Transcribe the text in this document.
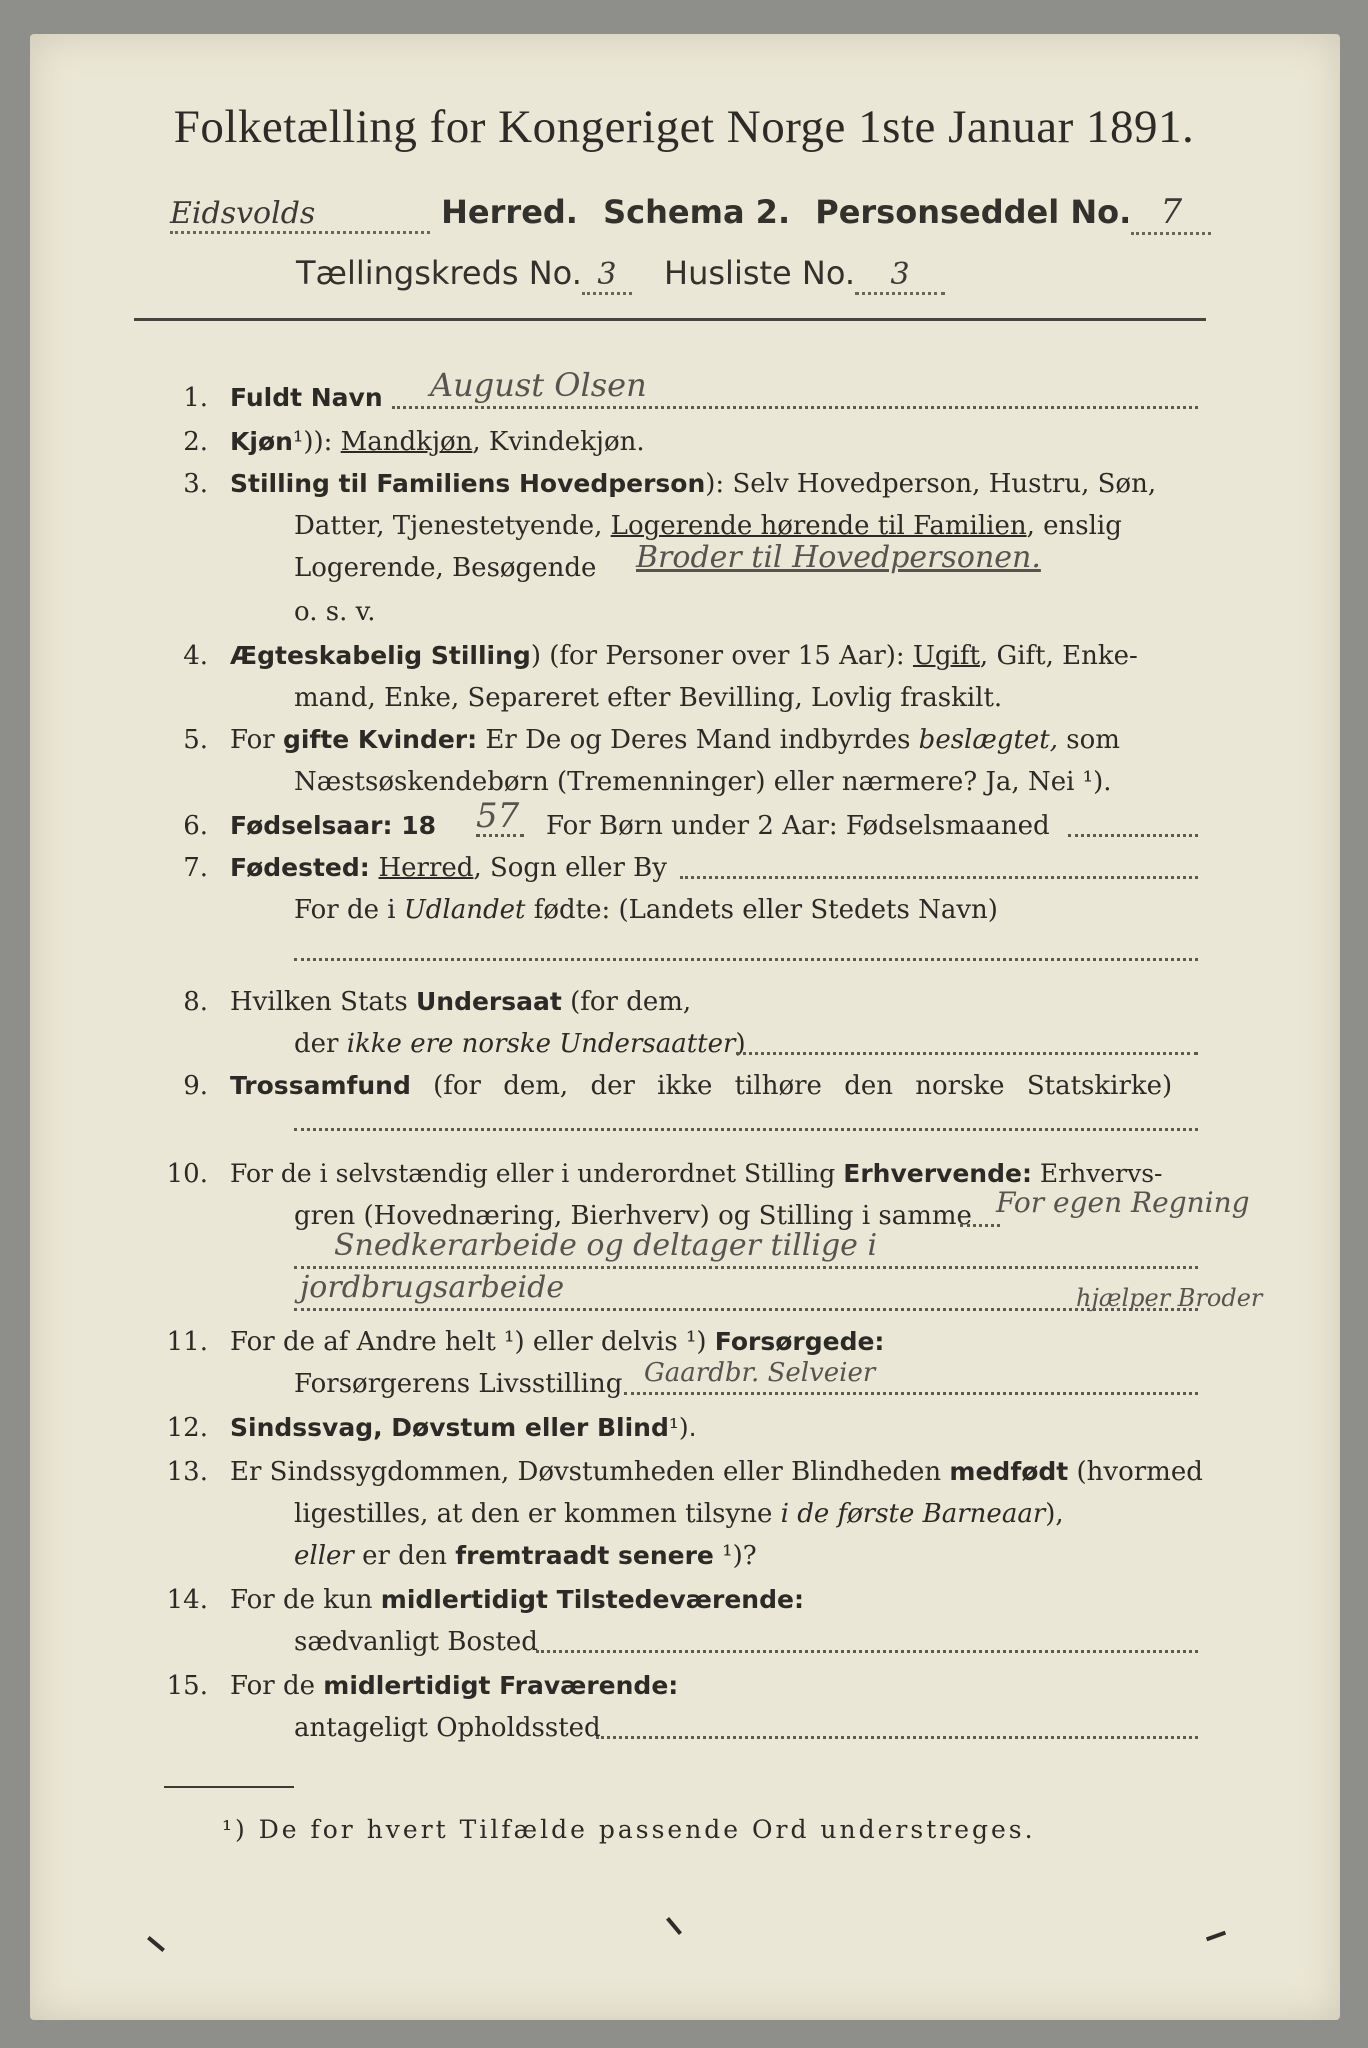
Folketælling for Kongeriget Norge 1ste Januar 1891.
Eidsvolds	Herred. Schema 2. Personseddel No. 7
Tællingskreds No. 3 Husliste No. 3
1. Fuldt Navn August Olsen
2. Kjøn¹)): Mandkjøn, Kvindekjøn.
3. Stilling til Familiens Hovedperson): Selv Hovedperson, Hustru, Søn,
Datter, Tjenestetyende, Logerende hørende til Familien, enslig
Logerende, Besøgende Broder til Hovedpersonen.
o. s. v.
4. Ægteskabelig Stilling) (for Personer over 15 Aar): Ugift, Gift, Enke-
mand, Enke, Separeret efter Bevilling, Lovlig fraskilt.
5. For gifte Kvinder: Er De og Deres Mand indbyrdes beslægtet, som
Næstsøskendebørn (Tremenninger) eller nærmere? Ja, Nei ¹).
6. Fødselsaar: 18 57 For Børn under 2 Aar: Fødselsmaaned
7. Fødested: Herred, Sogn eller By
For de i Udlandet fødte: (Landets eller Stedets Navn)
8. Hvilken Stats Undersaat (for dem,
der ikke ere norske Undersaatter)
9. Trossamfund (for dem, der ikke tilhøre den norske Statskirke)
10. For de i selvstændig eller i underordnet Stilling Erhvervende: Erhvervs-
gren (Hovednæring, Bierhverv) og Stilling i samme For egen Regning
Snedkerarbeide og deltager tillige i
jordbrugsarbeide	hjælper Broder
11. For de af Andre helt ¹) eller delvis ¹) Forsørgede:
Forsørgerens Livsstilling Gaardbr. Selveier
12. Sindssvag, Døvstum eller Blind¹).
13. Er Sindssygdommen, Døvstumheden eller Blindheden medfødt (hvormed
ligestilles, at den er kommen tilsyne i de første Barneaar),
eller er den fremtraadt senere ¹)?
14. For de kun midlertidigt Tilstedeværende:
sædvanligt Bosted
15. For de midlertidigt Fraværende:
antageligt Opholdssted
¹) De for hvert Tilfælde passende Ord understreges.
